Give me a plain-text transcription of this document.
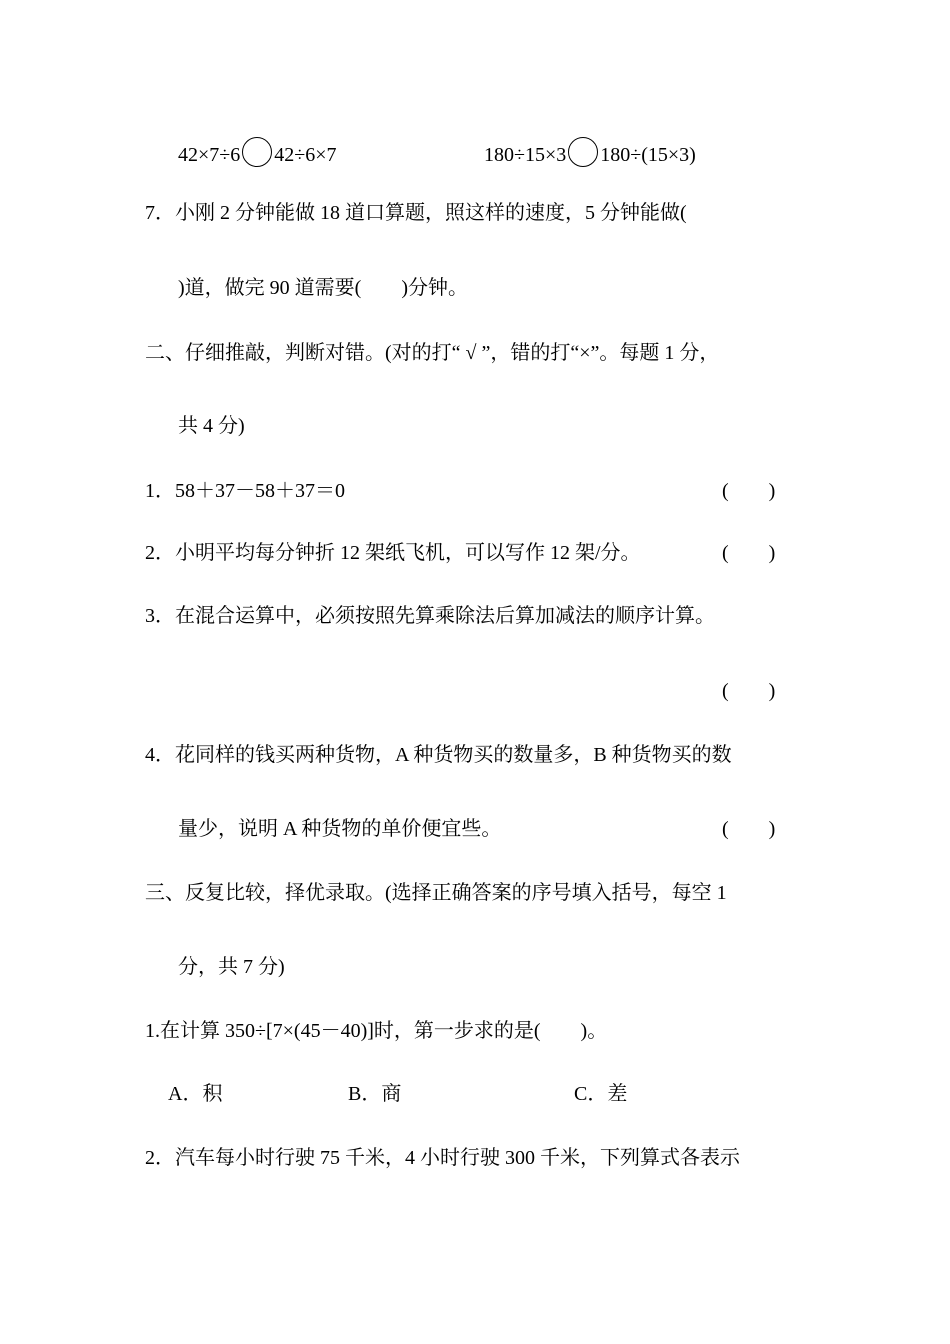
42×7÷6 42÷6×7	180÷15×3 180÷(15×3)
7．小刚 2 分钟能做 18 道口算题，照这样的速度，5 分钟能做(
)道，做完 90 道需要(　　)分钟。
二、仔细推敲，判断对错。(对的打“ √ ”，错的打“×”。每题 1 分，
共 4 分)
1．58＋37－58＋37＝0	(　　)
2．小明平均每分钟折 12 架纸飞机，可以写作 12 架/分。	(　　)
3．在混合运算中，必须按照先算乘除法后算加减法的顺序计算。
(　　)
4．花同样的钱买两种货物，A 种货物买的数量多，B 种货物买的数
量少，说明 A 种货物的单价便宜些。	(　　)
三、反复比较，择优录取。(选择正确答案的序号填入括号，每空 1
分，共 7 分)
1.在计算 350÷[7×(45－40)]时，第一步求的是(　　)。
A．积	B．商	C．差
2．汽车每小时行驶 75 千米，4 小时行驶 300 千米，下列算式各表示
